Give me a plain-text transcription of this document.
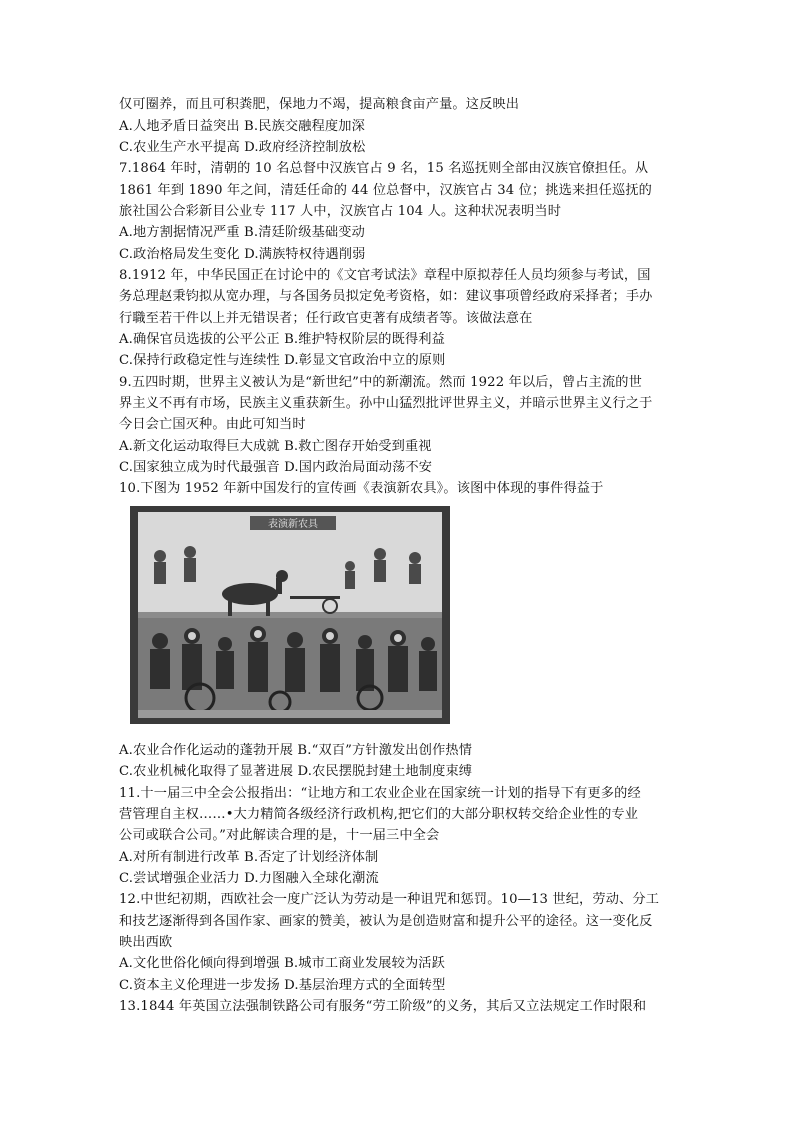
仅可圈养，而且可积粪肥，保地力不竭，提高粮食亩产量。这反映出
A.人地矛盾日益突出 B.民族交融程度加深
C.农业生产水平提高 D.政府经济控制放松
7.1864 年时，清朝的 10 名总督中汉族官占 9 名，15 名巡抚则全部由汉族官僚担任。从
1861 年到 1890 年之间，清廷任命的 44 位总督中，汉族官占 34 位；挑选来担任巡抚的
旅社国公合彩新目公业专 117 人中，汉族官占 104 人。这种状况表明当时
A.地方割据情况严重 B.清廷阶级基础变动
C.政治格局发生变化 D.满族特权待遇削弱
8.1912 年，中华民国正在讨论中的《文官考试法》章程中原拟荐任人员均须参与考试，国
务总理赵秉钧拟从宽办理，与各国务员拟定免考资格，如：建议事项曾经政府采择者；手办
行職至若干件以上并无错误者；任行政官吏著有成绩者等。该做法意在
A.确保官员选拔的公平公正 B.维护特权阶层的既得利益
C.保持行政稳定性与连续性 D.彰显文官政治中立的原则
9.五四时期，世界主义被认为是“新世纪”中的新潮流。然而 1922 年以后，曾占主流的世
界主义不再有市场，民族主义重获新生。孙中山猛烈批评世界主义，并暗示世界主义行之于
今日会亡国灭种。由此可知当时
A.新文化运动取得巨大成就 B.救亡图存开始受到重视
C.国家独立成为时代最强音 D.国内政治局面动荡不安
10.下图为 1952 年新中国发行的宣传画《表演新农具》。该图中体现的事件得益于
表演新农具
A.农业合作化运动的蓬勃开展 B.“双百”方针激发出创作热情
C.农业机械化取得了显著进展 D.农民摆脱封建土地制度束缚
11.十一届三中全会公报指出：“让地方和工农业企业在国家统一计划的指导下有更多的经
营管理自主权……•大力精简各级经济行政机构,把它们的大部分职权转交给企业性的专业
公司或联合公司。”对此解读合理的是，十一届三中全会
A.对所有制进行改革 B.否定了计划经济体制
C.尝试增强企业活力 D.力图融入全球化潮流
12.中世纪初期，西欧社会一度广泛认为劳动是一种诅咒和惩罚。10—13 世纪，劳动、分工
和技艺逐渐得到各国作家、画家的赞美，被认为是创造财富和提升公平的途径。这一变化反
映出西欧
A.文化世俗化倾向得到增强 B.城市工商业发展较为活跃
C.资本主义伦理进一步发扬 D.基层治理方式的全面转型
13.1844 年英国立法强制铁路公司有服务“劳工阶级”的义务，其后又立法规定工作时限和
